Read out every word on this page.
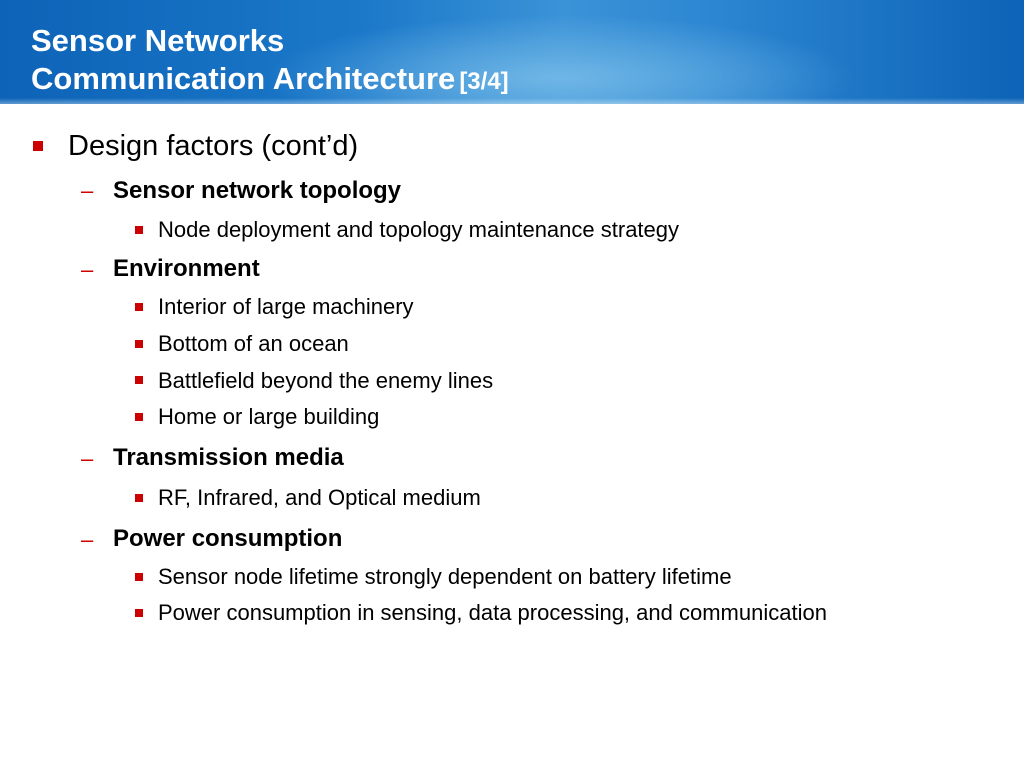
Sensor Networks
Communication Architecture [3/4]
Design factors (cont’d)
– Sensor network topology
Node deployment and topology maintenance strategy
– Environment
Interior of large machinery
Bottom of an ocean
Battlefield beyond the enemy lines
Home or large building
– Transmission media
RF, Infrared, and Optical medium
– Power consumption
Sensor node lifetime strongly dependent on battery lifetime
Power consumption in sensing, data processing, and communication
